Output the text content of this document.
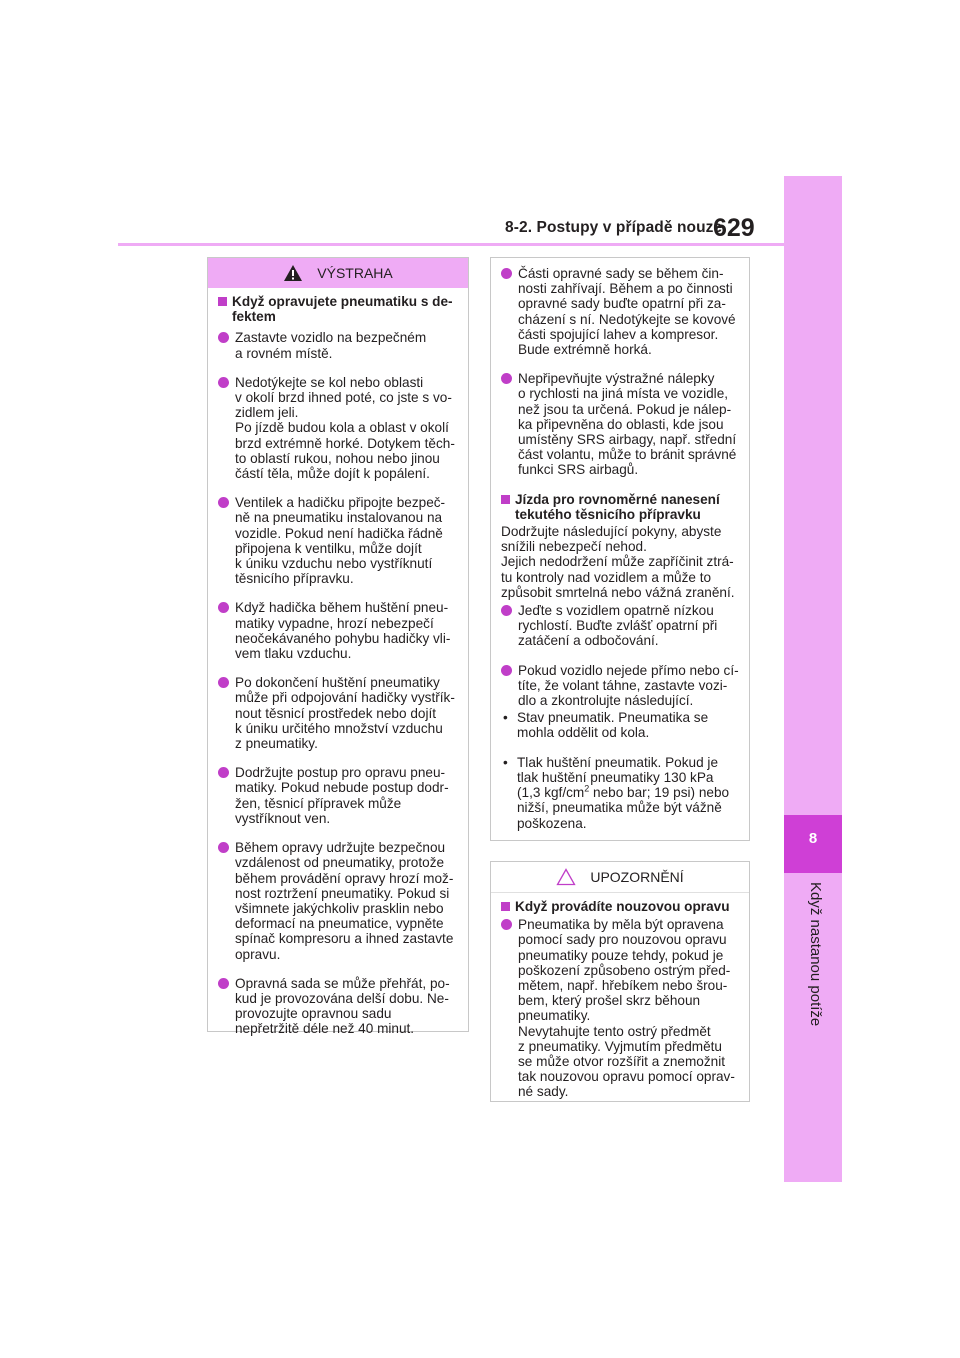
8
Když nastanou potíže
8-2. Postupy v případě nouze
629
VÝSTRAHA
Když opravujete pneumatiku s de-
fektem
Zastavte vozidlo na bezpečném
a rovném místě.
Nedotýkejte se kol nebo oblasti
v okolí brzd ihned poté, co jste s vo-
zidlem jeli.
Po jízdě budou kola a oblast v okolí
brzd extrémně horké. Dotykem těch-
to oblastí rukou, nohou nebo jinou
částí těla, může dojít k popálení.
Ventilek a hadičku připojte bezpeč-
ně na pneumatiku instalovanou na
vozidle. Pokud není hadička řádně
připojena k ventilku, může dojít
k úniku vzduchu nebo vystříknutí
těsnicího přípravku.
Když hadička během huštění pneu-
matiky vypadne, hrozí nebezpečí
neočekávaného pohybu hadičky vli-
vem tlaku vzduchu.
Po dokončení huštění pneumatiky
může při odpojování hadičky vystřík-
nout těsnicí prostředek nebo dojít
k úniku určitého množství vzduchu
z pneumatiky.
Dodržujte postup pro opravu pneu-
matiky. Pokud nebude postup dodr-
žen, těsnicí přípravek může
vystříknout ven.
Během opravy udržujte bezpečnou
vzdálenost od pneumatiky, protože
během provádění opravy hrozí mož-
nost roztržení pneumatiky. Pokud si
všimnete jakýchkoliv prasklin nebo
deformací na pneumatice, vypněte
spínač kompresoru a ihned zastavte
opravu.
Opravná sada se může přehřát, po-
kud je provozována delší dobu. Ne-
provozujte opravnou sadu
nepřetržitě déle než 40 minut.
Části opravné sady se během čin-
nosti zahřívají. Během a po činnosti
opravné sady buďte opatrní při za-
cházení s ní. Nedotýkejte se kovové
části spojující lahev a kompresor.
Bude extrémně horká.
Nepřipevňujte výstražné nálepky
o rychlosti na jiná místa ve vozidle,
než jsou ta určená. Pokud je nálep-
ka připevněna do oblasti, kde jsou
umístěny SRS airbagy, např. střední
část volantu, může to bránit správné
funkci SRS airbagů.
Jízda pro rovnoměrné nanesení
tekutého těsnicího přípravku
Dodržujte následující pokyny, abyste
snížili nebezpečí nehod.
Jejich nedodržení může zapříčinit ztrá-
tu kontroly nad vozidlem a může to
způsobit smrtelná nebo vážná zranění.
Jeďte s vozidlem opatrně nízkou
rychlostí. Buďte zvlášť opatrní při
zatáčení a odbočování.
Pokud vozidlo nejede přímo nebo cí-
títe, že volant táhne, zastavte vozi-
dlo a zkontrolujte následující.
• Stav pneumatik. Pneumatika se
mohla oddělit od kola.
• Tlak huštění pneumatik. Pokud je
tlak huštění pneumatiky 130 kPa
(1,3 kgf/$cm^2$ nebo bar; 19 psi) nebo
nižší, pneumatika může být vážně
poškozena.
UPOZORNĚNÍ
Když provádíte nouzovou opravu
Pneumatika by měla být opravena
pomocí sady pro nouzovou opravu
pneumatiky pouze tehdy, pokud je
poškození způsobeno ostrým před-
mětem, např. hřebíkem nebo šrou-
bem, který prošel skrz běhoun
pneumatiky.
Nevytahujte tento ostrý předmět
z pneumatiky. Vyjmutím předmětu
se může otvor rozšířit a znemožnit
tak nouzovou opravu pomocí oprav-
né sady.
